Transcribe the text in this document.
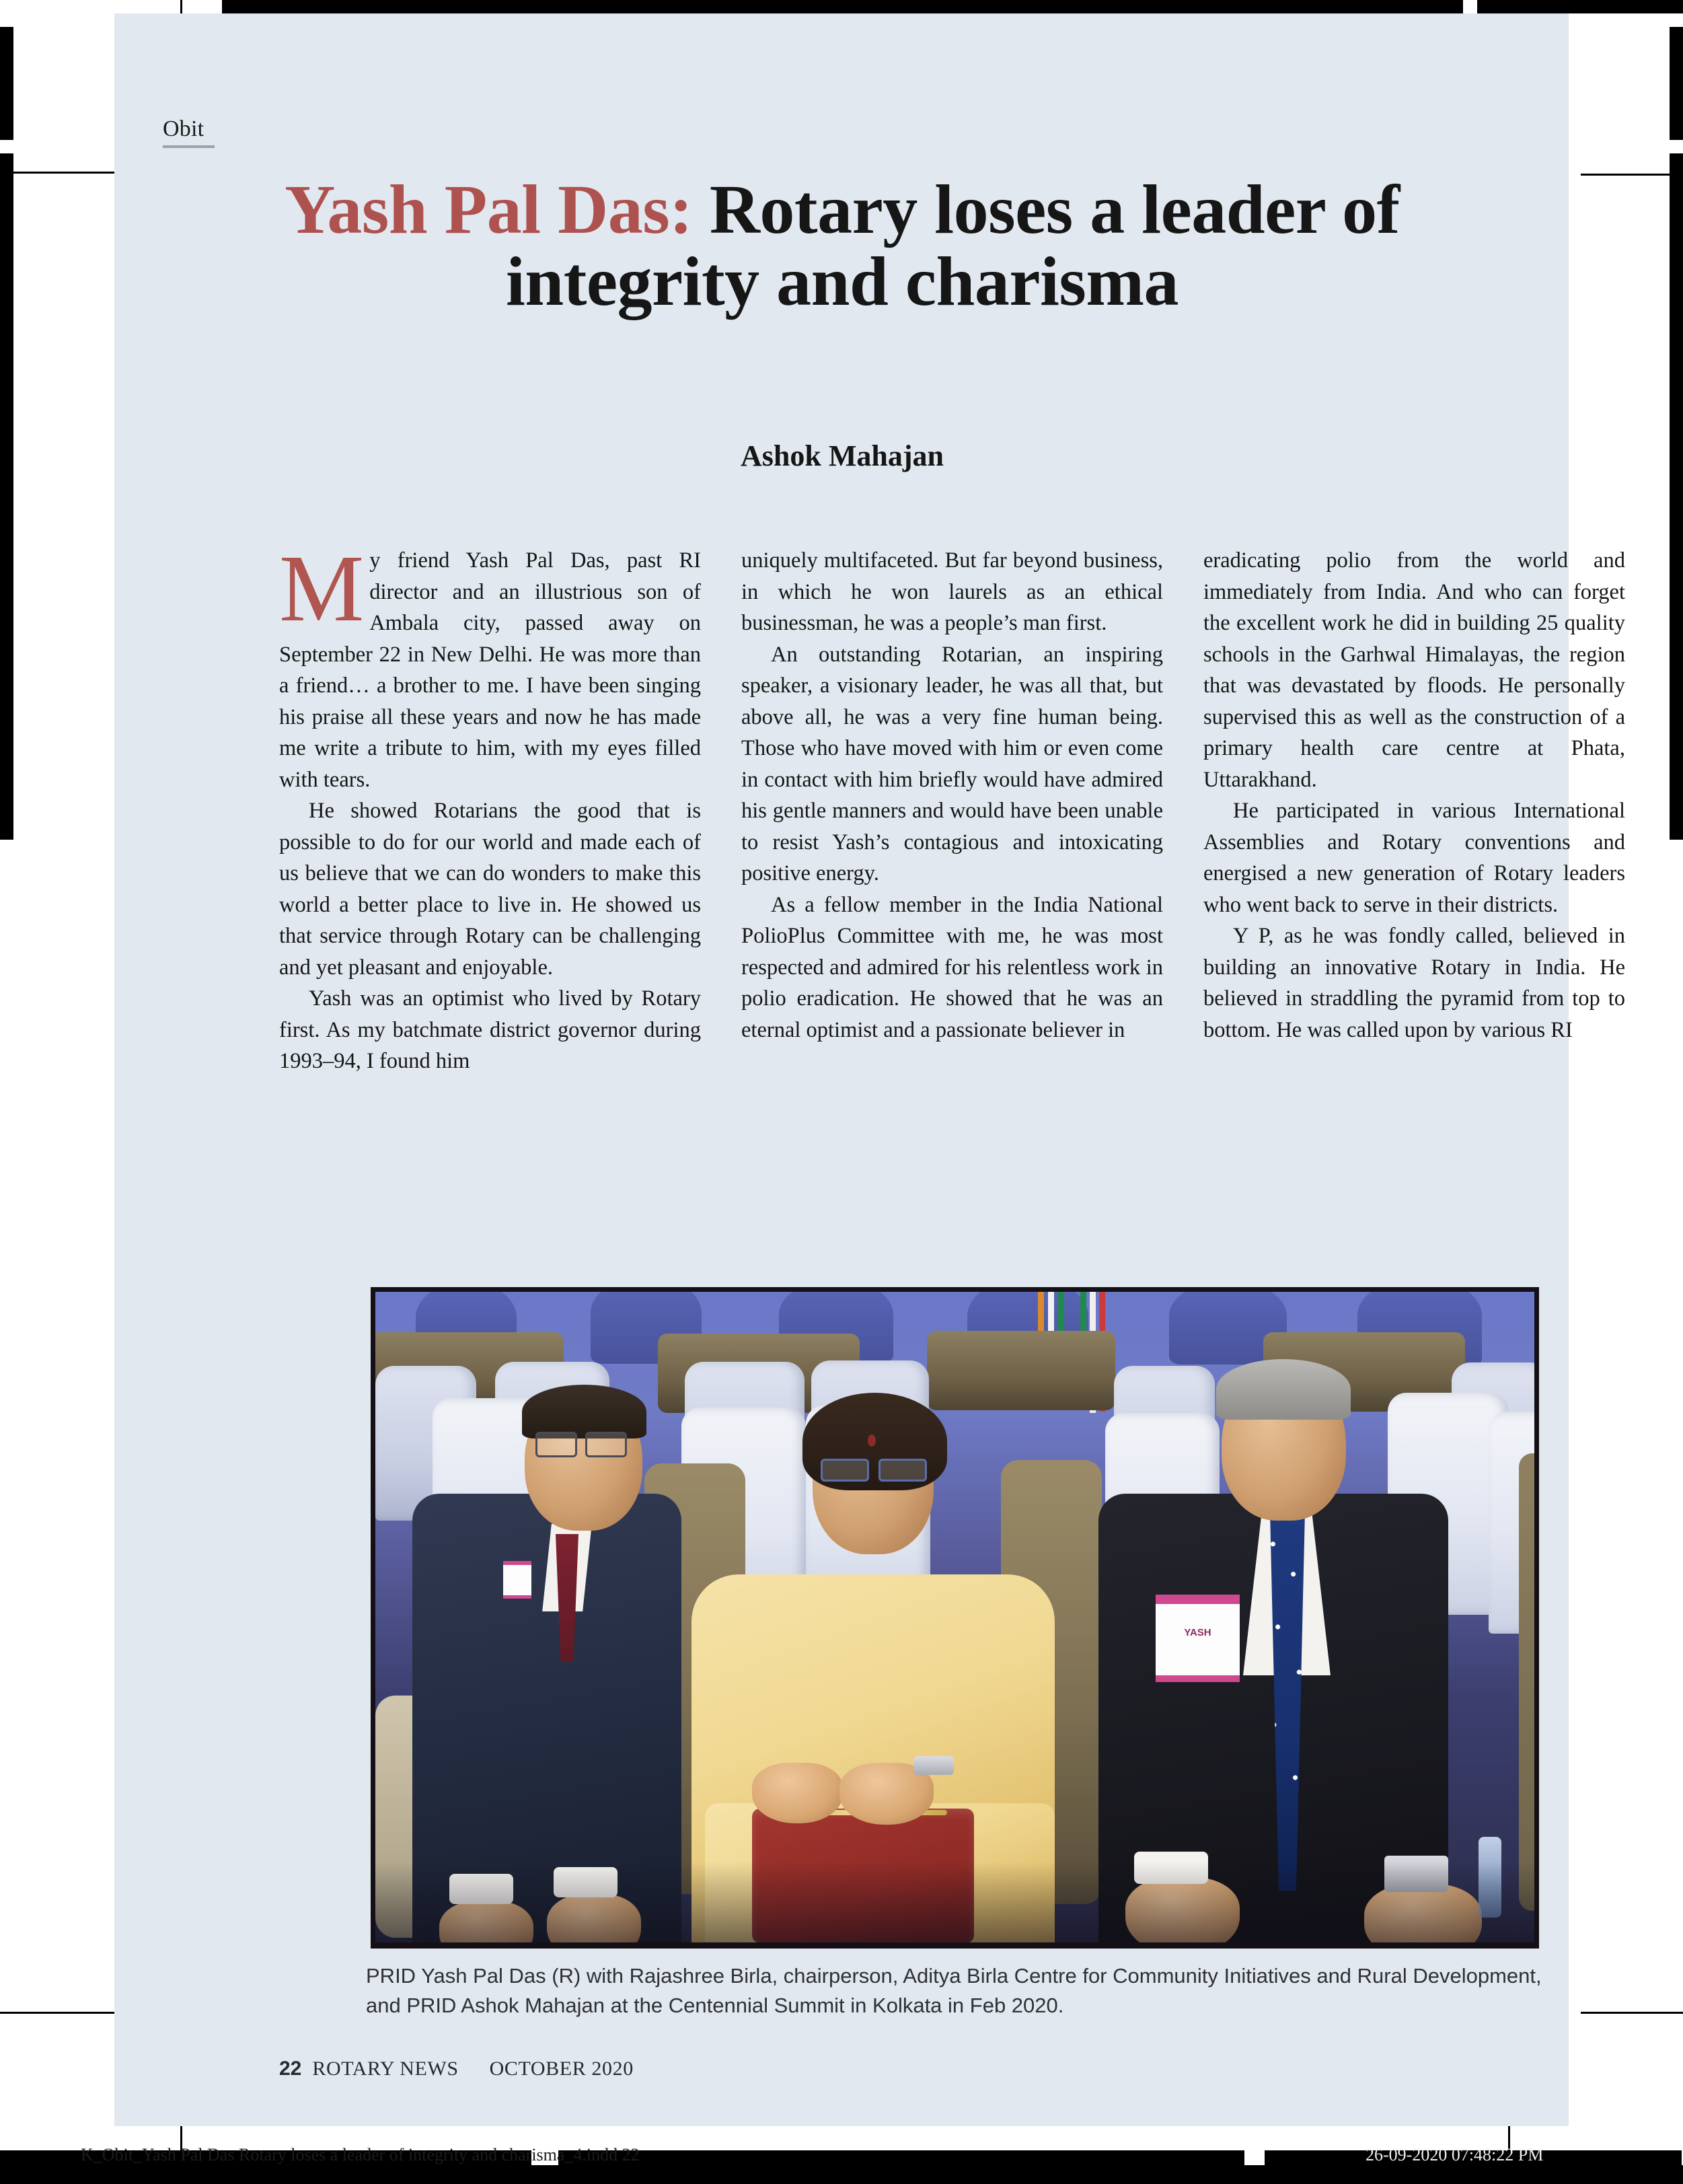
Obit
Yash Pal Das: Rotary loses a leader of integrity and charisma
Ashok Mahajan

My friend Yash Pal Das, past RI director and an illustrious son of Ambala city, passed away on September 22 in New Delhi. He was more than a friend… a brother to me. I have been singing his praise all these years and now he has made me write a tribute to him, with my eyes filled with tears.

He showed Rotarians the good that is possible to do for our world and made each of us believe that we can do wonders to make this world a better place to live in. He showed us that service through Rotary can be challenging and yet pleasant and enjoyable.

Yash was an optimist who lived by Rotary first. As my batchmate district governor during 1993–94, I found him

uniquely multifaceted. But far beyond business, in which he won laurels as an ethical businessman, he was a people’s man first.

An outstanding Rotarian, an inspiring speaker, a visionary leader, he was all that, but above all, he was a very fine human being. Those who have moved with him or even come in contact with him briefly would have admired his gentle manners and would have been unable to resist Yash’s contagious and intoxicating positive energy.

As a fellow member in the India National PolioPlus Committee with me, he was most respected and admired for his relentless work in polio eradication. He showed that he was an eternal optimist and a passionate believer in

eradicating polio from the world and immediately from India. And who can forget the excellent work he did in building 25 quality schools in the Garhwal Himalayas, the region that was devastated by floods. He personally supervised this as well as the construction of a primary health care centre at Phata, Uttarakhand.

He participated in various International Assemblies and Rotary conventions and energised a new generation of Rotary leaders who went back to serve in their districts.

Y P, as he was fondly called, believed in building an innovative Rotary in India. He believed in straddling the pyramid from top to bottom. He was called upon by various RI

YASH
PRID Yash Pal Das (R) with Rajashree Birla, chairperson, Aditya Birla Centre for Community Initiatives and Rural Development, and PRID Ashok Mahajan at the Centennial Summit in Kolkata in Feb 2020.
22 ROTARY NEWS OCTOBER 2020
K_Obit_Yash Pal Das Rotary loses a leader of integrity and charisma_4.indd 22	26-09-2020 07:48:22 PM
